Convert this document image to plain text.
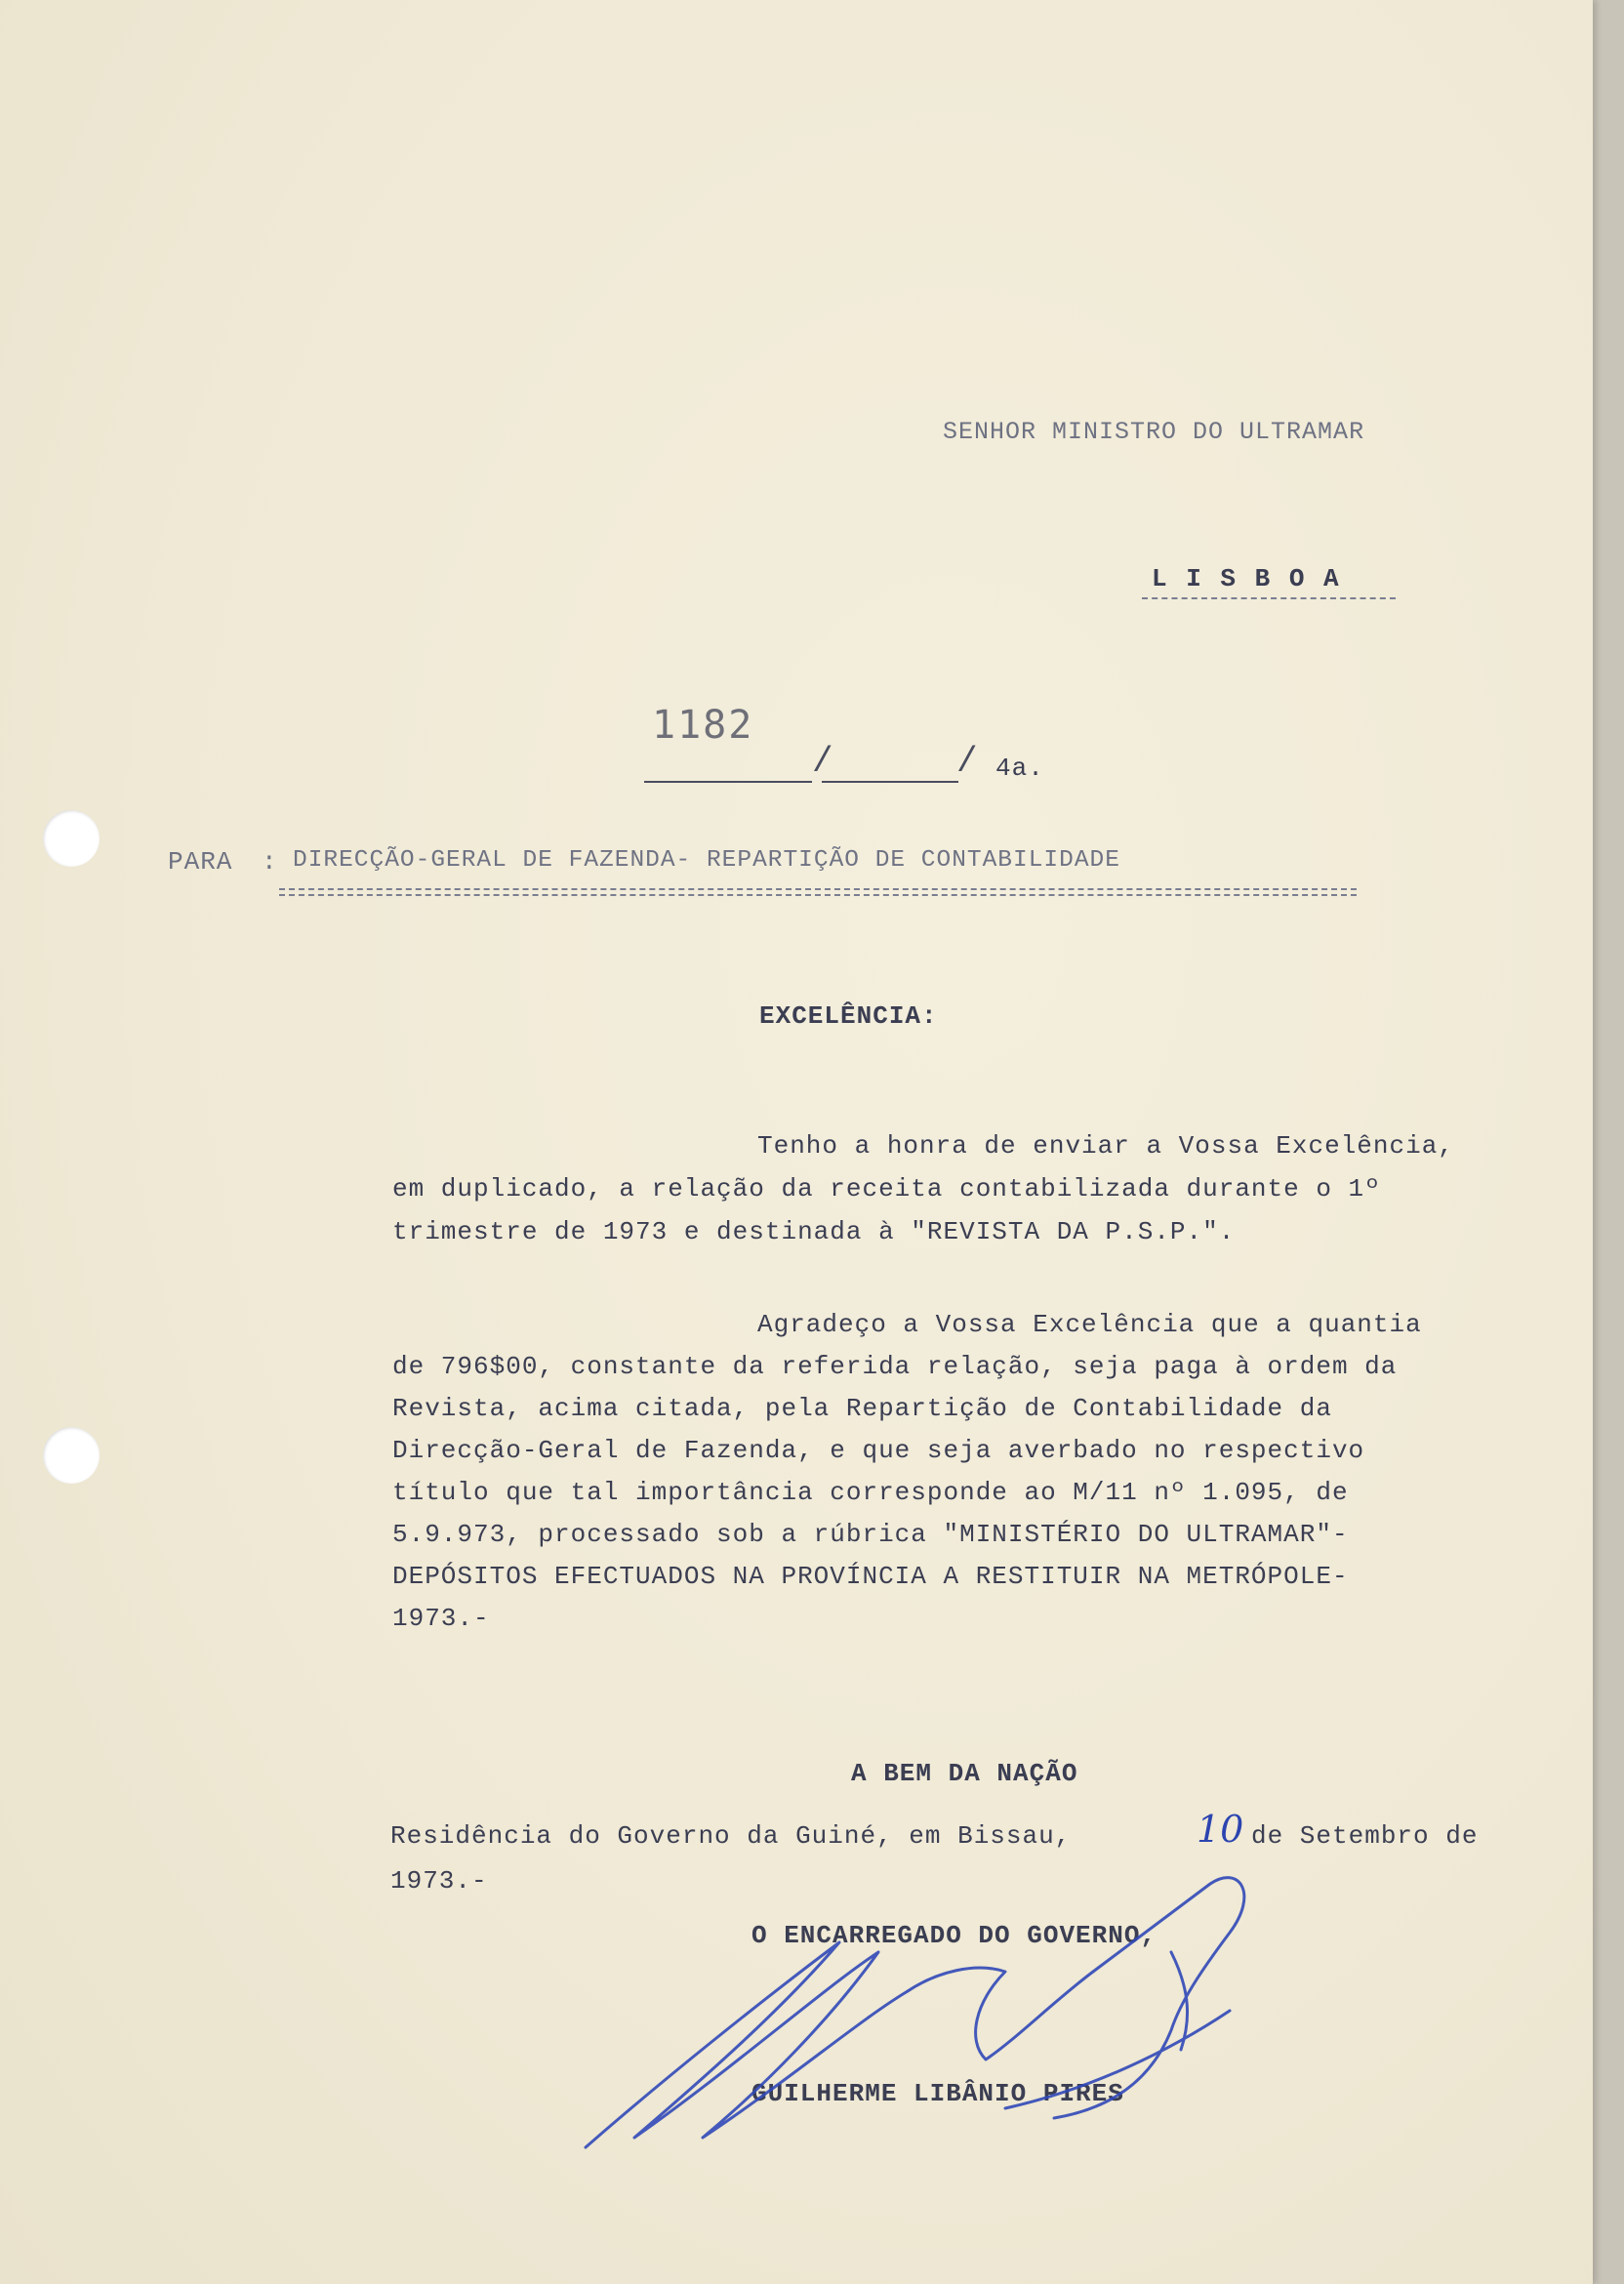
SENHOR MINISTRO DO ULTRAMAR
L I S B O A
1182
/	/ 4a.
PARA : DIRECÇÃO-GERAL DE FAZENDA- REPARTIÇÃO DE CONTABILIDADE
EXCELÊNCIA:
Tenho a honra de enviar a Vossa Excelência,
em duplicado, a relação da receita contabilizada durante o 1º
trimestre de 1973 e destinada à "REVISTA DA P.S.P.".
Agradeço a Vossa Excelência que a quantia
de 796$00, constante da referida relação, seja paga à ordem da
Revista, acima citada, pela Repartição de Contabilidade da
Direcção-Geral de Fazenda, e que seja averbado no respectivo
título que tal importância corresponde ao M/11 nº 1.095, de
5.9.973, processado sob a rúbrica "MINISTÉRIO DO ULTRAMAR"-
DEPÓSITOS EFECTUADOS NA PROVÍNCIA A RESTITUIR NA METRÓPOLE-
1973.-
A BEM DA NAÇÃO
Residência do Governo da Guiné, em Bissau,	10 de Setembro de
1973.-
O ENCARREGADO DO GOVERNO,
GUILHERME LIBÂNIO PIRES
